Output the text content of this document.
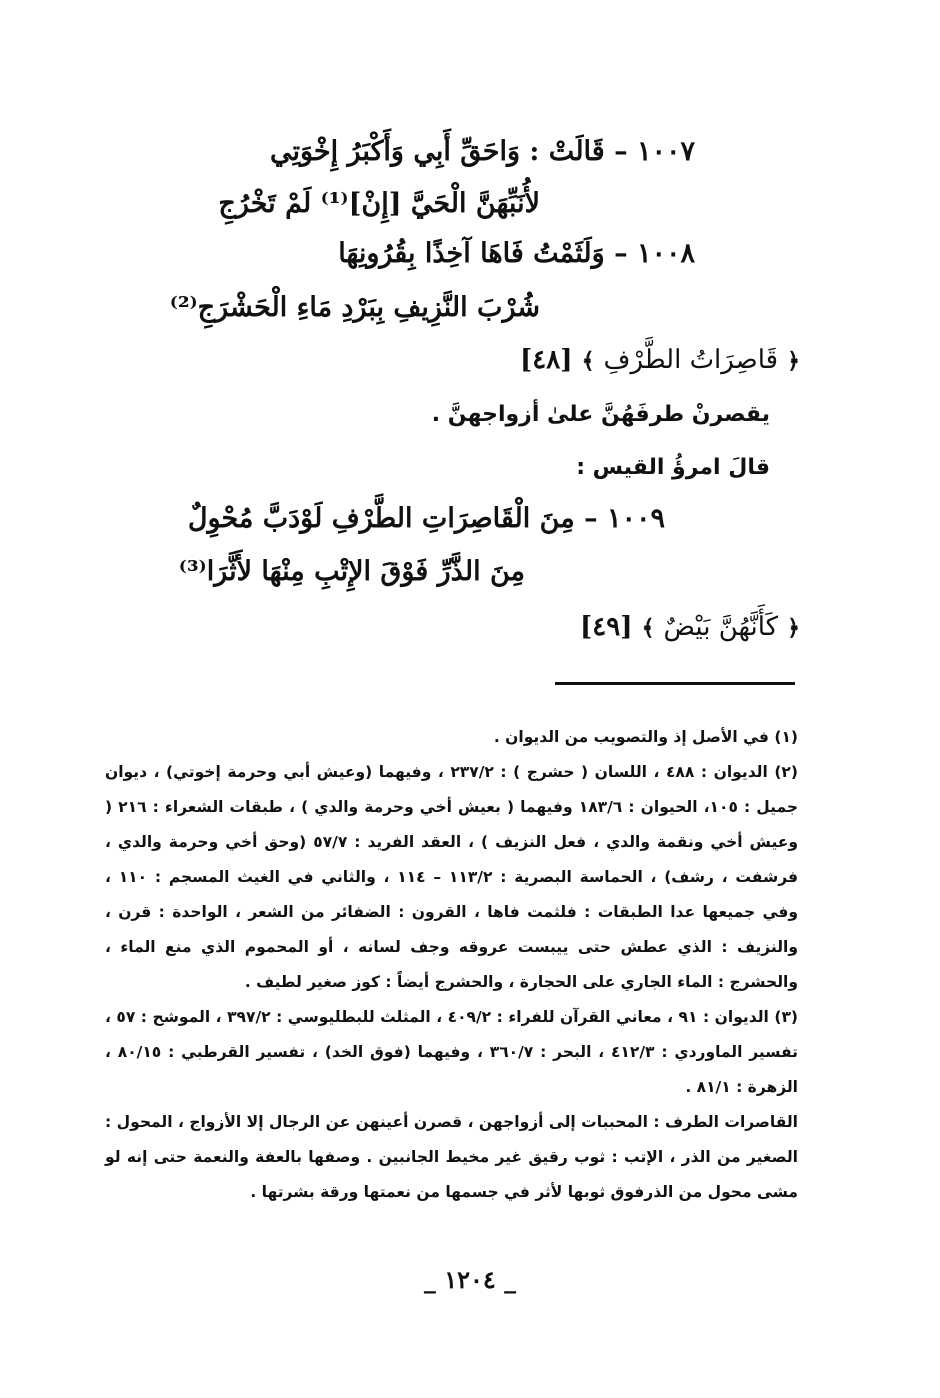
١٠٠٧ – قَالَتْ : وَاحَقِّ أَبِي وَأَكْبَرُ إِخْوَتِي
لأُنَبِّهَنَّ الْحَيَّ [إِنْ]⁽¹⁾ لَمْ تَخْرُجِ
١٠٠٨ – وَلَثَمْتُ فَاهَا آخِذًا بِقُرُونِهَا
شُرْبَ النَّزِيفِ بِبَرْدِ مَاءِ الْحَشْرَجِ⁽²⁾
﴿ قَاصِرَاتُ الطَّرْفِ ﴾ [٤٨]
يقصرنْ طرفَهُنَّ علىٰ أزواجهنَّ .
قالَ امرؤُ القيس :
١٠٠٩ – مِنَ الْقَاصِرَاتِ الطَّرْفِ لَوْدَبَّ مُحْوِلٌ
مِنَ الذَّرِّ فَوْقَ الإِتْبِ مِنْهَا لأَثَّرَا⁽³⁾
﴿ كَأَنَّهُنَّ بَيْضٌ ﴾ [٤٩]
(١) في الأصل إذ والتصويب من الديوان .
(٢) الديوان : ٤٨٨ ، اللسان ( حشرج ) : ٢٣٧/٢ ، وفيهما (وعيش أبي وحرمة إخوتي) ، ديوان جميل : ١٠٥، الحيوان : ١٨٣/٦ وفيهما ( بعيش أخي وحرمة والدي ) ، طبقات الشعراء : ٢١٦ ( وعيش أخي ونقمة والدي ، فعل النزيف ) ، العقد الفريد : ٥٧/٧ (وحق أخي وحرمة والدي ، فرشفت ، رشف) ، الحماسة البصرية : ١١٣/٢ – ١١٤ ، والثاني في الغيث المسجم : ١١٠ ، وفي جميعها عدا الطبقات : فلثمت فاها ، القرون : الضفائر من الشعر ، الواحدة : قرن ، والنزيف : الذي عطش حتى ييبست عروقه وجف لسانه ، أو المحموم الذي منع الماء ، والحشرج : الماء الجاري على الحجارة ، والحشرج أيضاً : كوز صغير لطيف .
(٣) الديوان : ٩١ ، معاني القرآن للفراء : ٤٠٩/٢ ، المثلث للبطليوسي : ٣٩٧/٢ ، الموشح : ٥٧ ، تفسير الماوردي : ٤١٢/٣ ، البحر : ٣٦٠/٧ ، وفيهما (فوق الخد) ، تفسير القرطبي : ٨٠/١٥ ، الزهرة : ٨١/١ .
القاصرات الطرف : المحببات إلى أزواجهن ، قصرن أعينهن عن الرجال إلا الأزواج ، المحول : الصغير من الذر ، الإتب : ثوب رقيق غير مخيط الجانبين . وصفها بالعفة والنعمة حتى إنه لو مشى محول من الذرفوق ثوبها لأثر في جسمها من نعمتها ورقة بشرتها .
_ ١٢٠٤ _
